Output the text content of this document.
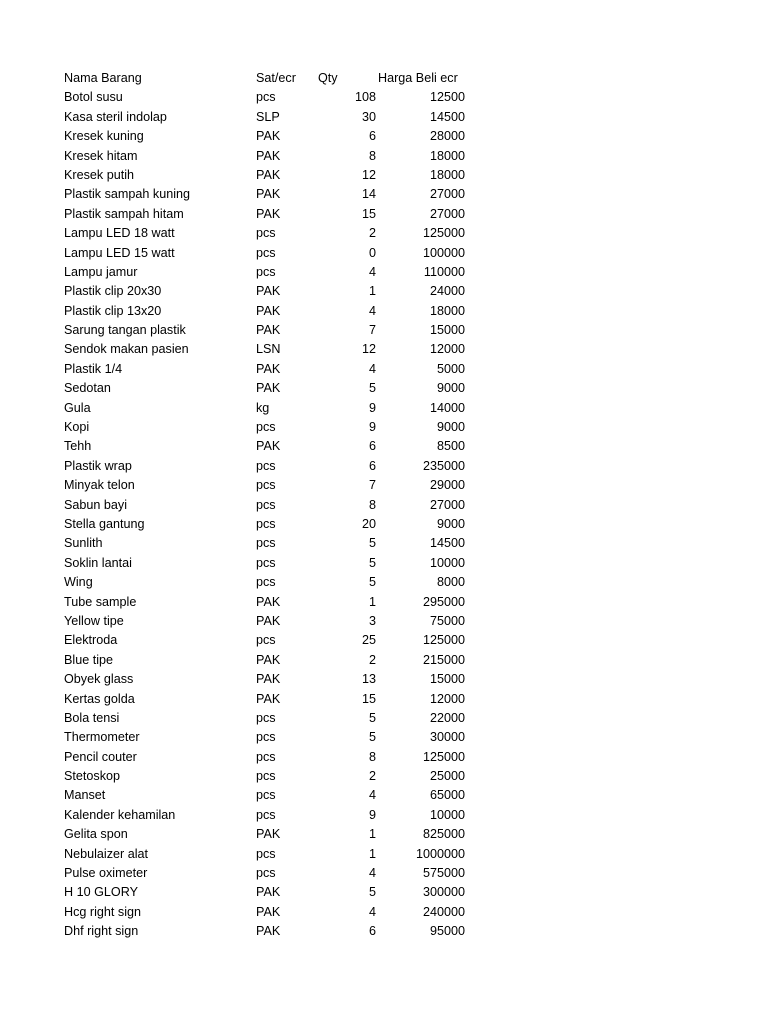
Nama Barang	Sat/ecr	Qty	Harga Beli ecr
Botol susu	pcs	108	12500
Kasa steril indolap	SLP	30	14500
Kresek kuning	PAK	6	28000
Kresek hitam	PAK	8	18000
Kresek putih	PAK	12	18000
Plastik sampah kuning	PAK	14	27000
Plastik sampah hitam	PAK	15	27000
Lampu LED 18 watt	pcs	2	125000
Lampu LED 15 watt	pcs	0	100000
Lampu jamur	pcs	4	110000
Plastik clip 20x30	PAK	1	24000
Plastik clip 13x20	PAK	4	18000
Sarung tangan plastik	PAK	7	15000
Sendok makan pasien	LSN	12	12000
Plastik 1/4	PAK	4	5000
Sedotan	PAK	5	9000
Gula	kg	9	14000
Kopi	pcs	9	9000
Tehh	PAK	6	8500
Plastik wrap	pcs	6	235000
Minyak telon	pcs	7	29000
Sabun bayi	pcs	8	27000
Stella gantung	pcs	20	9000
Sunlith	pcs	5	14500
Soklin lantai	pcs	5	10000
Wing	pcs	5	8000
Tube sample	PAK	1	295000
Yellow tipe	PAK	3	75000
Elektroda	pcs	25	125000
Blue tipe	PAK	2	215000
Obyek glass	PAK	13	15000
Kertas golda	PAK	15	12000
Bola tensi	pcs	5	22000
Thermometer	pcs	5	30000
Pencil couter	pcs	8	125000
Stetoskop	pcs	2	25000
Manset	pcs	4	65000
Kalender kehamilan	pcs	9	10000
Gelita spon	PAK	1	825000
Nebulaizer alat	pcs	1	1000000
Pulse oximeter	pcs	4	575000
H 10 GLORY	PAK	5	300000
Hcg right sign	PAK	4	240000
Dhf right sign	PAK	6	95000
